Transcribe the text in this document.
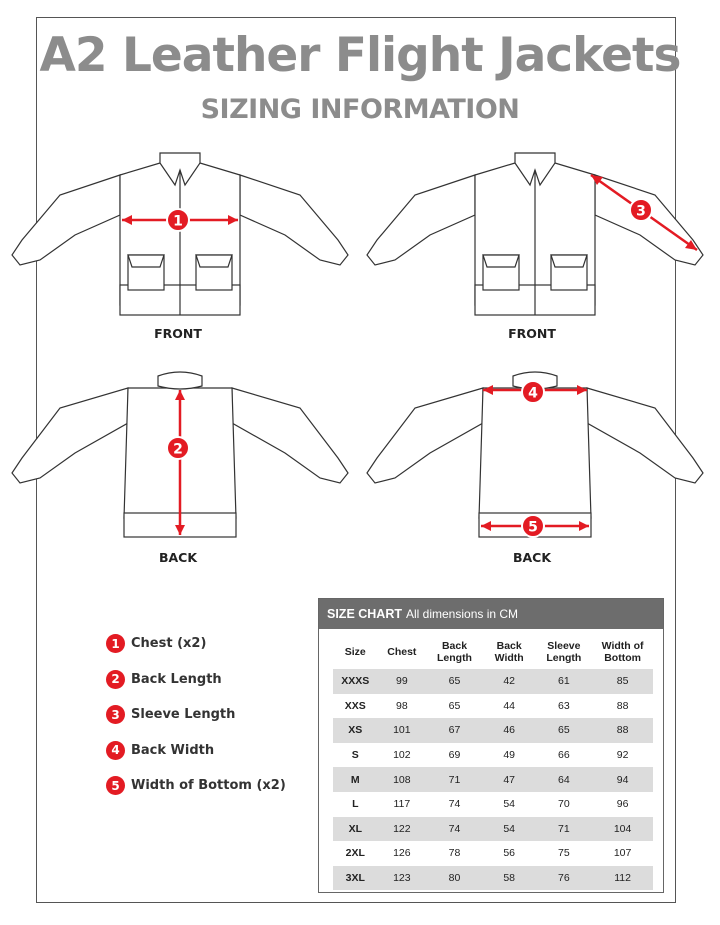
A2 Leather Flight Jackets
SIZING INFORMATION
1
FRONT
3
FRONT
2
BACK
4
5
BACK
1 Chest (x2)
2 Back Length
3 Sleeve Length
4 Back Width
5 Width of Bottom (x2)
SIZE CHART All dimensions in CM
Size	Chest	Back Length	Back Width	Sleeve Length	Width of Bottom
XXXS	99	65	42	61	85
XXS	98	65	44	63	88
XS	101	67	46	65	88
S	102	69	49	66	92
M	108	71	47	64	94
L	117	74	54	70	96
XL	122	74	54	71	104
2XL	126	78	56	75	107
3XL	123	80	58	76	112
